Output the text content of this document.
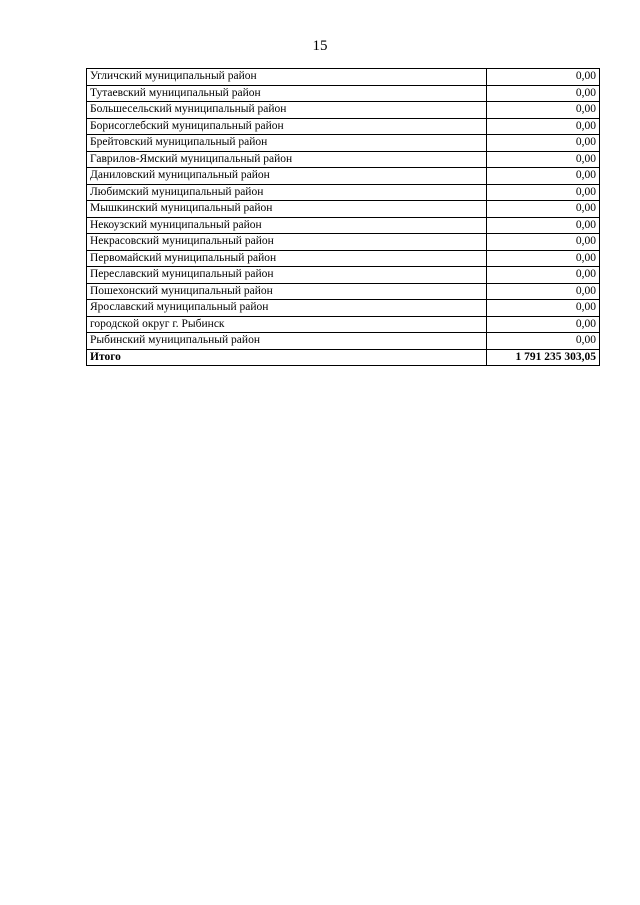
15
Угличский муниципальный район	0,00
Тутаевский муниципальный район	0,00
Большесельский муниципальный район	0,00
Борисоглебский муниципальный район	0,00
Брейтовский муниципальный район	0,00
Гаврилов-Ямский муниципальный район	0,00
Даниловский муниципальный район	0,00
Любимский муниципальный район	0,00
Мышкинский муниципальный район	0,00
Некоузский муниципальный район	0,00
Некрасовский муниципальный район	0,00
Первомайский муниципальный район	0,00
Переславский муниципальный район	0,00
Пошехонский муниципальный район	0,00
Ярославский муниципальный район	0,00
городской округ г. Рыбинск	0,00
Рыбинский муниципальный район	0,00
Итого	1 791 235 303,05
